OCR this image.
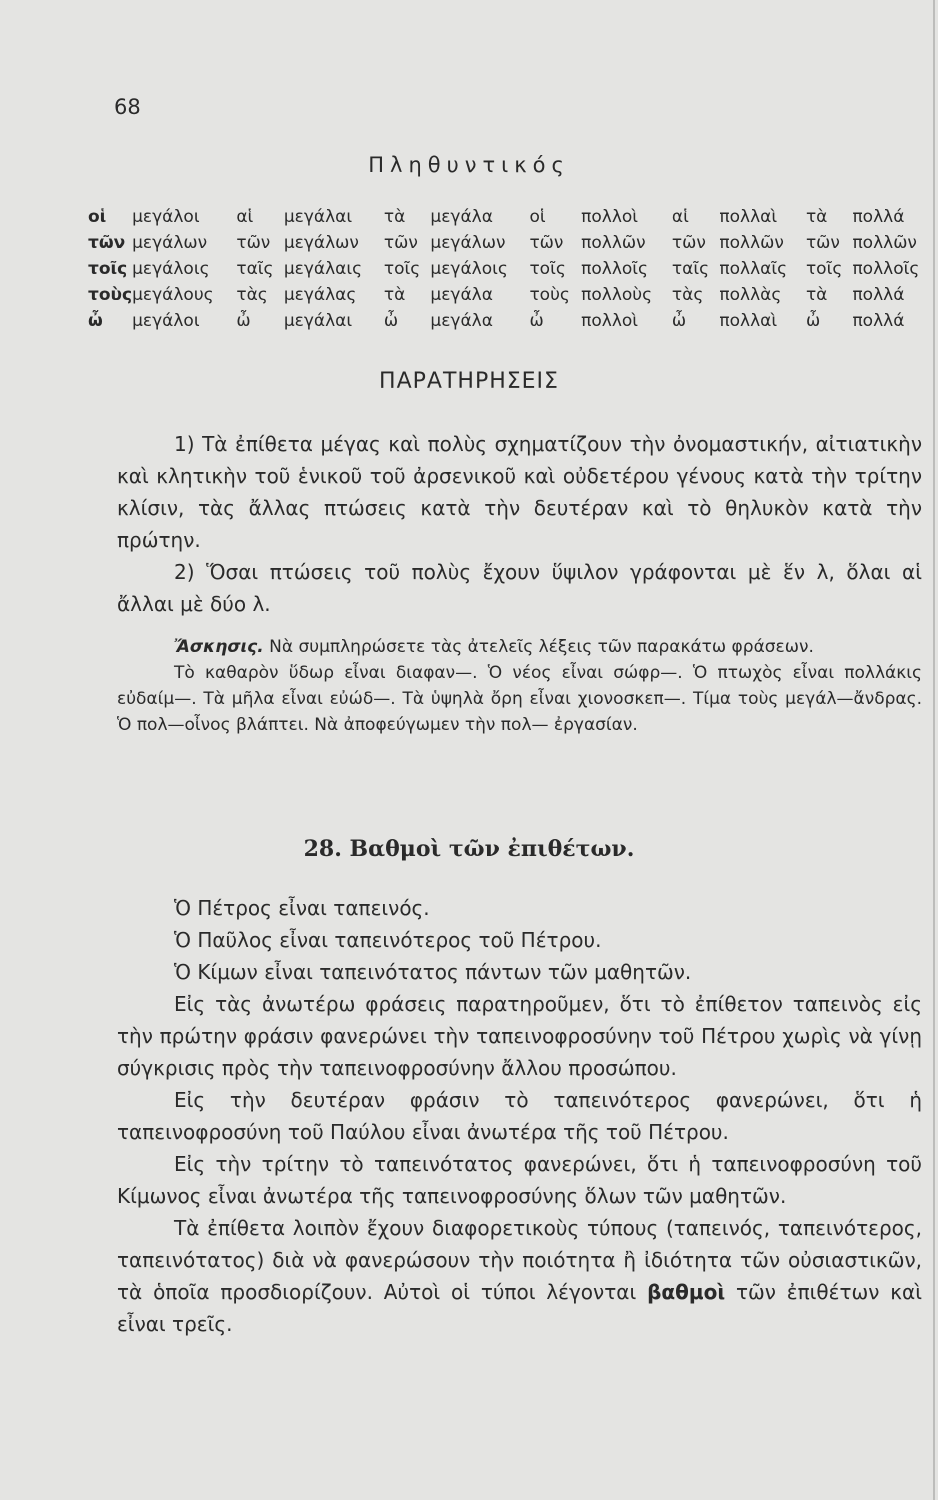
68
Πληθυντικός
οἱ	μεγάλοι	αἱ	μεγάλαι	τὰ	μεγάλα	οἱ	πολλοὶ	αἱ	πολλαὶ	τὰ	πολλά
τῶν	μεγάλων	τῶν	μεγάλων	τῶν	μεγάλων	τῶν	πολλῶν	τῶν	πολλῶν	τῶν	πολλῶν
τοῖς	μεγάλοις	ταῖς	μεγάλαις	τοῖς	μεγάλοις	τοῖς	πολλοῖς	ταῖς	πολλαῖς	τοῖς	πολλοῖς
τοὺς	μεγάλους	τὰς	μεγάλας	τὰ	μεγάλα	τοὺς	πολλοὺς	τὰς	πολλὰς	τὰ	πολλά
ὦ	μεγάλοι	ὦ	μεγάλαι	ὦ	μεγάλα	ὦ	πολλοὶ	ὦ	πολλαὶ	ὦ	πολλά
ΠΑΡΑΤΗΡΗΣΕΙΣ

1) Τὰ ἐπίθετα μέγας καὶ πολὺς σχηματίζουν τὴν ὀνομαστικήν, αἰτιατικὴν καὶ κλητικὴν τοῦ ἑνικοῦ τοῦ ἀρσενικοῦ καὶ οὐδετέρου γένους κατὰ τὴν τρίτην κλίσιν, τὰς ἄλλας πτώσεις κατὰ τὴν δευτέραν καὶ τὸ θηλυκὸν κατὰ τὴν πρώτην.

2) Ὅσαι πτώσεις τοῦ πολὺς ἔχουν ὕψιλον γράφονται μὲ ἕν λ, ὅλαι αἱ ἄλλαι μὲ δύο λ.

Ἄσκησις. Νὰ συμπληρώσετε τὰς ἀτελεῖς λέξεις τῶν παρακάτω φράσεων.

Τὸ καθαρὸν ὕδωρ εἶναι διαφαν—. Ὁ νέος εἶναι σώφρ—. Ὁ πτωχὸς εἶναι πολλάκις εὐδαίμ—. Τὰ μῆλα εἶναι εὐώδ—. Τὰ ὑψηλὰ ὄρη εἶναι χιονοσκεπ—. Τίμα τοὺς μεγάλ—ἄνδρας. Ὁ πολ—οἶνος βλάπτει. Νὰ ἀποφεύγωμεν τὴν πολ— ἐργασίαν.

28. Βαθμοὶ τῶν ἐπιθέτων.

Ὁ Πέτρος εἶναι ταπεινός.

Ὁ Παῦλος εἶναι ταπεινότερος τοῦ Πέτρου.

Ὁ Κίμων εἶναι ταπεινότατος πάντων τῶν μαθητῶν.

Εἰς τὰς ἀνωτέρω φράσεις παρατηροῦμεν, ὅτι τὸ ἐπίθετον ταπεινὸς εἰς τὴν πρώτην φράσιν φανερώνει τὴν ταπεινοφροσύνην τοῦ Πέτρου χωρὶς νὰ γίνῃ σύγκρισις πρὸς τὴν ταπεινοφροσύνην ἄλλου προσώπου.

Εἰς τὴν δευτέραν φράσιν τὸ ταπεινότερος φανερώνει, ὅτι ἡ ταπεινοφροσύνη τοῦ Παύλου εἶναι ἀνωτέρα τῆς τοῦ Πέτρου.

Εἰς τὴν τρίτην τὸ ταπεινότατος φανερώνει, ὅτι ἡ ταπεινοφροσύνη τοῦ Κίμωνος εἶναι ἀνωτέρα τῆς ταπεινοφροσύνης ὅλων τῶν μαθητῶν.

Τὰ ἐπίθετα λοιπὸν ἔχουν διαφορετικοὺς τύπους (ταπεινός, ταπεινότερος, ταπεινότατος) διὰ νὰ φανερώσουν τὴν ποιότητα ἢ ἰδιότητα τῶν οὐσιαστικῶν, τὰ ὁποῖα προσδιορίζουν. Αὐτοὶ οἱ τύποι λέγονται βαθμοὶ τῶν ἐπιθέτων καὶ εἶναι τρεῖς.
